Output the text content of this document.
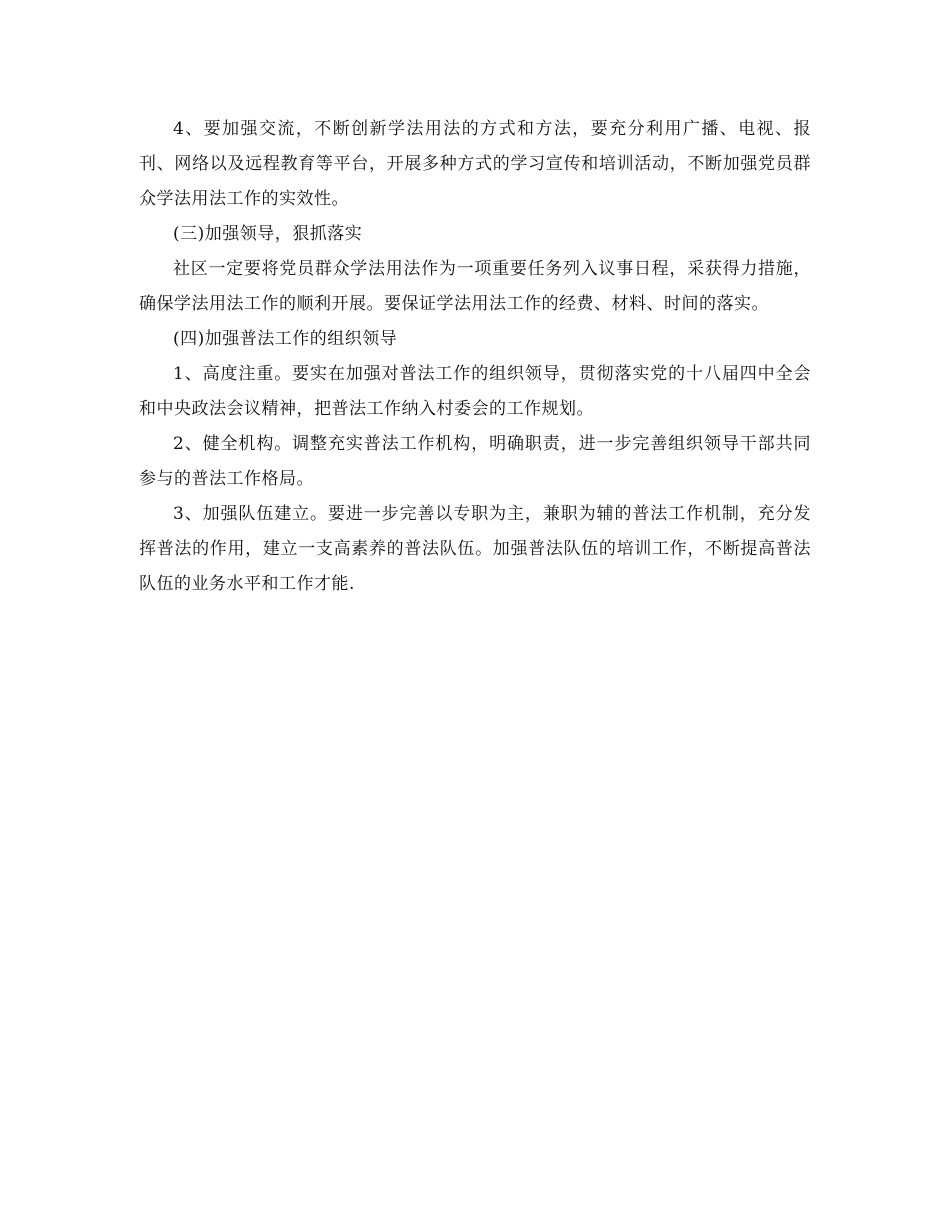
4、要加强交流，不断创新学法用法的方式和方法，要充分利用广播、电视、报刊、网络以及远程教育等平台，开展多种方式的学习宣传和培训活动，不断加强党员群众学法用法工作的实效性。

(三)加强领导，狠抓落实

社区一定要将党员群众学法用法作为一项重要任务列入议事日程，采获得力措施，确保学法用法工作的顺利开展。要保证学法用法工作的经费、材料、时间的落实。

(四)加强普法工作的组织领导

1、高度注重。要实在加强对普法工作的组织领导，贯彻落实党的十八届四中全会和中央政法会议精神，把普法工作纳入村委会的工作规划。

2、健全机构。调整充实普法工作机构，明确职责，进一步完善组织领导干部共同参与的普法工作格局。

3、加强队伍建立。要进一步完善以专职为主，兼职为辅的普法工作机制，充分发挥普法的作用，建立一支高素养的普法队伍。加强普法队伍的培训工作，不断提高普法队伍的业务水平和工作才能.
